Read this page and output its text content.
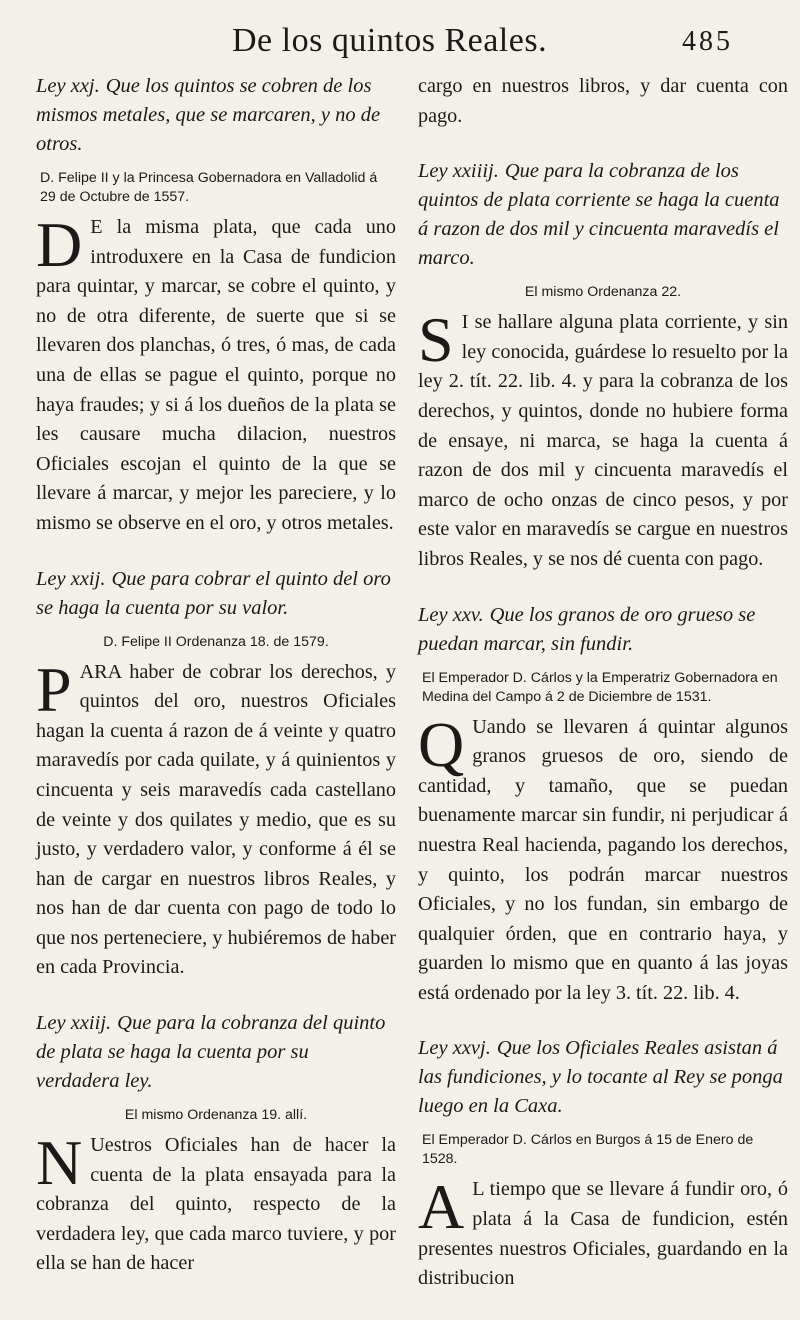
De los quintos Reales.	485
Ley xxj. Que los quintos se cobren de los mismos metales, que se marcaren, y no de otros.
D. Felipe II y la Princesa Gobernadora en Valladolid á 29 de Octubre de 1557.
D E la misma plata, que cada uno introduxere en la Casa de fundicion para quintar, y marcar, se cobre el quinto, y no de otra diferente, de suerte que si se llevaren dos planchas, ó tres, ó mas, de cada una de ellas se pague el quinto, porque no haya fraudes; y si á los dueños de la plata se les causare mucha dilacion, nuestros Oficiales escojan el quinto de la que se llevare á marcar, y mejor les pareciere, y lo mismo se observe en el oro, y otros metales.
Ley xxij. Que para cobrar el quinto del oro se haga la cuenta por su valor.
D. Felipe II Ordenanza 18. de 1579.
PARA haber de cobrar los derechos, y quintos del oro, nuestros Oficiales hagan la cuenta á razon de á veinte y quatro maravedís por cada quilate, y á quinientos y cincuenta y seis maravedís cada castellano de veinte y dos quilates y medio, que es su justo, y verdadero valor, y conforme á él se han de cargar en nuestros libros Reales, y nos han de dar cuenta con pago de todo lo que nos perteneciere, y hubiéremos de haber en cada Provincia.
Ley xxiij. Que para la cobranza del quinto de plata se haga la cuenta por su verdadera ley.
El mismo Ordenanza 19. allí.
N Uestros Oficiales han de hacer la cuenta de la plata ensayada para la cobranza del quinto, respecto de la verdadera ley, que cada marco tuviere, y por ella se han de hacer
cargo en nuestros libros, y dar cuenta con pago.
Ley xxiiij. Que para la cobranza de los quintos de plata corriente se haga la cuenta á razon de dos mil y cincuenta maravedís el marco.
El mismo Ordenanza 22.
S I se hallare alguna plata corriente, y sin ley conocida, guárdese lo resuelto por la ley 2. tít. 22. lib. 4. y para la cobranza de los derechos, y quintos, donde no hubiere forma de ensaye, ni marca, se haga la cuenta á razon de dos mil y cincuenta maravedís el marco de ocho onzas de cinco pesos, y por este valor en maravedís se cargue en nuestros libros Reales, y se nos dé cuenta con pago.
Ley xxv. Que los granos de oro grueso se puedan marcar, sin fundir.
El Emperador D. Cárlos y la Emperatriz Gobernadora en Medina del Campo á 2 de Diciembre de 1531.
Q Uando se llevaren á quintar algunos granos gruesos de oro, siendo de cantidad, y tamaño, que se puedan buenamente marcar sin fundir, ni perjudicar á nuestra Real hacienda, pagando los derechos, y quinto, los podrán marcar nuestros Oficiales, y no los fundan, sin embargo de qualquier órden, que en contrario haya, y guarden lo mismo que en quanto á las joyas está ordenado por la ley 3. tít. 22. lib. 4.
Ley xxvj. Que los Oficiales Reales asistan á las fundiciones, y lo tocante al Rey se ponga luego en la Caxa.
El Emperador D. Cárlos en Burgos á 15 de Enero de 1528.
A L tiempo que se llevare á fundir oro, ó plata á la Casa de fundicion, estén presentes nuestros Oficiales, guardando en la distribucion
